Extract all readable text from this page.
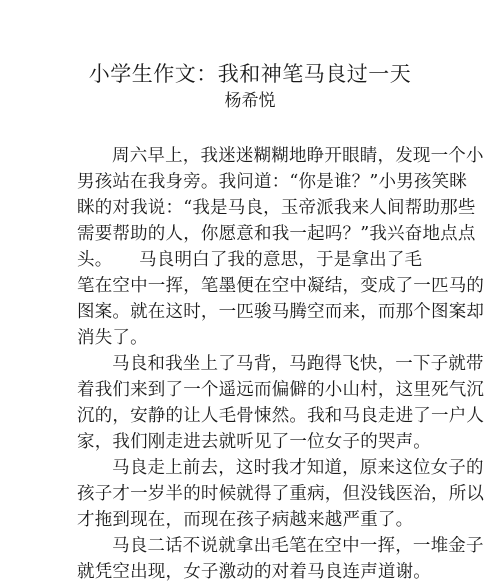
小学生作文：我和神笔马良过一天
杨希悦
周六早上，我迷迷糊糊地睁开眼睛，发现一个小
男孩站在我身旁。我问道：“你是谁？”小男孩笑眯
眯的对我说：“我是马良，玉帝派我来人间帮助那些
需要帮助的人，你愿意和我一起吗？”我兴奋地点点
头。　　马良明白了我的意思，于是拿出了毛
笔在空中一挥，笔墨便在空中凝结，变成了一匹马的
图案。就在这时，一匹骏马腾空而来，而那个图案却
消失了。
马良和我坐上了马背，马跑得飞快，一下子就带
着我们来到了一个遥远而偏僻的小山村，这里死气沉
沉的，安静的让人毛骨悚然。我和马良走进了一户人
家，我们刚走进去就听见了一位女子的哭声。
马良走上前去，这时我才知道，原来这位女子的
孩子才一岁半的时候就得了重病，但没钱医治，所以
才拖到现在，而现在孩子病越来越严重了。
马良二话不说就拿出毛笔在空中一挥，一堆金子
就凭空出现，女子激动的对着马良连声道谢。
